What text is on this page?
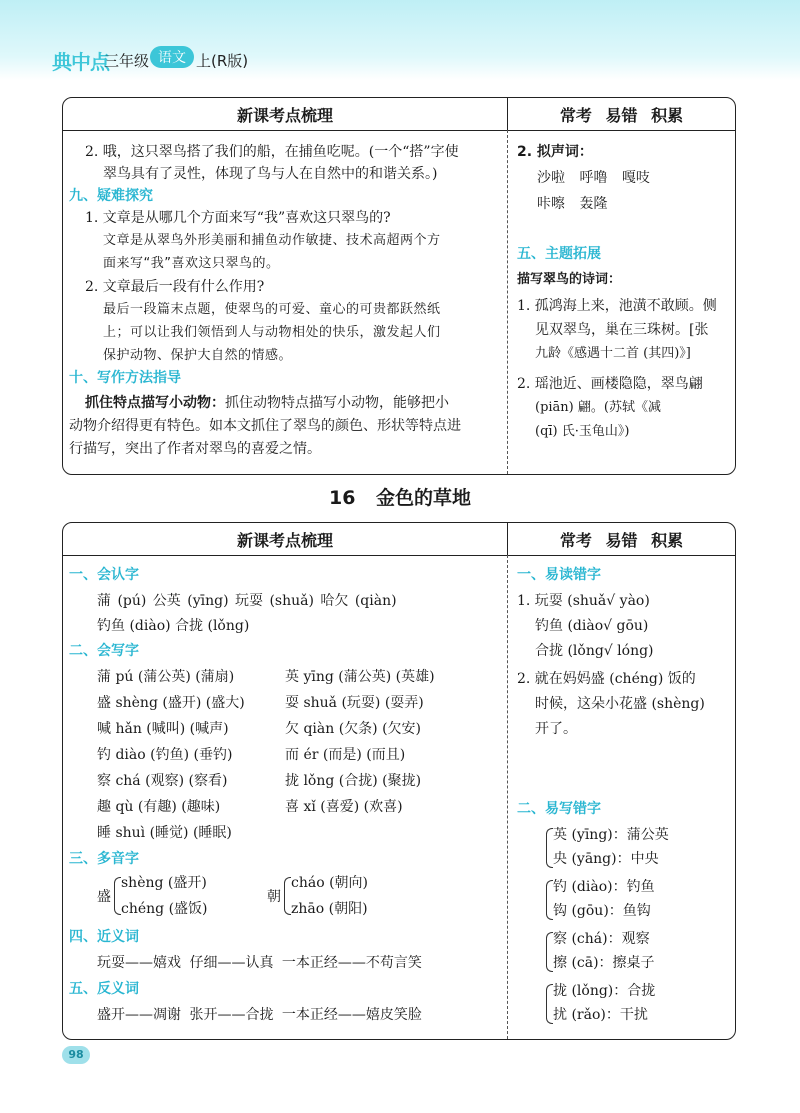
典中点
三年级 语文 上(R版)
新课考点梳理	常考 易错 积累
2. 哦，这只翠鸟搭了我们的船，在捕鱼吃呢。(一个“搭”字使
翠鸟具有了灵性，体现了鸟与人在自然中的和谐关系。)
九、疑难探究
1. 文章是从哪几个方面来写“我”喜欢这只翠鸟的?
文章是从翠鸟外形美丽和捕鱼动作敏捷、技术高超两个方
面来写“我”喜欢这只翠鸟的。
2. 文章最后一段有什么作用?
最后一段篇末点题，使翠鸟的可爱、童心的可贵都跃然纸
上；可以让我们领悟到人与动物相处的快乐，激发起人们
保护动物、保护大自然的情感。
十、写作方法指导
抓住特点描写小动物：抓住动物特点描写小动物，能够把小
动物介绍得更有特色。如本文抓住了翠鸟的颜色、形状等特点进
行描写，突出了作者对翠鸟的喜爱之情。
2. 拟声词：
沙啦 呼噜 嘎吱
咔嚓 轰隆
五、主题拓展
描写翠鸟的诗词：
1. 孤鸿海上来，池潢不敢顾。侧
见双翠鸟，巢在三珠树。[张
九龄《感遇十二首 (其四)》]
2. 瑶池近、画楼隐隐，翠鸟翩
(piān) 翩。(苏轼《减
(qī) 氏·玉龟山》)
16 金色的草地
新课考点梳理	常考 易错 积累
一、会认字
蒲 (pú) 公英 (yīng) 玩耍 (shuǎ) 哈欠 (qiàn)
钓鱼 (diào) 合拢 (lǒng)
二、会写字
蒲 pú (蒲公英) (蒲扇)	英 yīng (蒲公英) (英雄)
盛 shèng (盛开) (盛大)	耍 shuǎ (玩耍) (耍弄)
喊 hǎn (喊叫) (喊声)	欠 qiàn (欠条) (欠安)
钓 diào (钓鱼) (垂钓)	而 ér (而是) (而且)
察 chá (观察) (察看)	拢 lǒng (合拢) (聚拢)
趣 qù (有趣) (趣味)	喜 xǐ (喜爱) (欢喜)
睡 shuì (睡觉) (睡眠)
三、多音字
盛
shèng (盛开)
chéng (盛饭)
朝
cháo (朝向)
zhāo (朝阳)
四、近义词
玩耍——嬉戏 仔细——认真 一本正经——不苟言笑
五、反义词
盛开——凋谢 张开——合拢 一本正经——嬉皮笑脸
一、易读错字
1. 玩耍 (shuǎ√ yào)
钓鱼 (diào√ gōu)
合拢 (lǒng√ lóng)
2. 就在妈妈盛 (chéng) 饭的
时候，这朵小花盛 (shèng)
开了。
二、易写错字
英 (yīng)：蒲公英
央 (yāng)：中央
钓 (diào)：钓鱼
钩 (gōu)：鱼钩
察 (chá)：观察
擦 (cā)：擦桌子
拢 (lǒng)：合拢
扰 (rǎo)：干扰
98
